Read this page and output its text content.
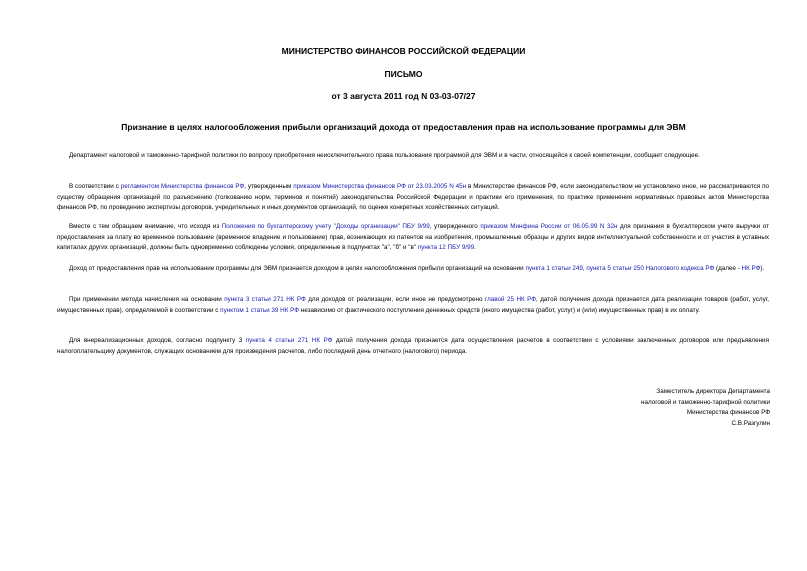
МИНИСТЕРСТВО ФИНАНСОВ РОССИЙСКОЙ ФЕДЕРАЦИИ
ПИСЬМО
от 3 августа 2011 год N 03-03-07/27
Признание в целях налогообложения прибыли организаций дохода от предоставления прав на использование программы для ЭВМ
Департамент налоговой и таможенно-тарифной политики по вопросу приобретения неисключительного права пользования программой для ЭВМ и в части, относящейся к своей компетенции, сообщает следующее.
В соответствии с регламентом Министерства финансов РФ, утвержденным приказом Министерства финансов РФ от 23.03.2005 N 45н в Министерстве финансов РФ, если законодательством не установлено иное, не рассматриваются по существу обращения организаций по разъяснению (толкованию норм, терминов и понятий) законодательства Российской Федерации и практики его применения, по практике применения нормативных правовых актов Министерства финансов РФ, по проведению экспертизы договоров, учредительных и иных документов организаций, по оценке конкретных хозяйственных ситуаций.
Вместе с тем обращаем внимание, что исходя из Положения по бухгалтерскому учету "Доходы организации" ПБУ 9/99, утвержденного приказом Минфина России от 06.05.99 N 32н для признания в бухгалтерском учете выручки от предоставления за плату во временное пользование (временное владение и пользование) прав, возникающих из патентов на изобретения, промышленные образцы и других видов интеллектуальной собственности и от участия в уставных капиталах других организаций, должны быть одновременно соблюдены условия, определенные в подпунктах "а", "б" и "в" пункта 12 ПБУ 9/99.
Доход от предоставления прав на использование программы для ЭВМ признается доходом в целях налогообложения прибыли организаций на основании пункта 1 статьи 249, пункта 5 статьи 250 Налогового кодекса РФ (далее - НК РФ).
При применении метода начисления на основании пункта 3 статьи 271 НК РФ для доходов от реализации, если иное не предусмотрено главой 25 НК РФ, датой получения дохода признается дата реализации товаров (работ, услуг, имущественных прав), определяемой в соответствии с пунктом 1 статьи 39 НК РФ независимо от фактического поступления денежных средств (иного имущества (работ, услуг) и (или) имущественных прав) в их оплату.
Для внереализационных доходов, согласно подпункту 3 пункта 4 статьи 271 НК РФ датой получения дохода признается дата осуществления расчетов в соответствии с условиями заключенных договоров или предъявления налогоплательщику документов, служащих основанием для произведения расчетов, либо последний день отчетного (налогового) периода.
Заместитель директора Департамента
налоговой и таможенно-тарифной политики
Министерства финансов РФ
С.В.Разгулин
